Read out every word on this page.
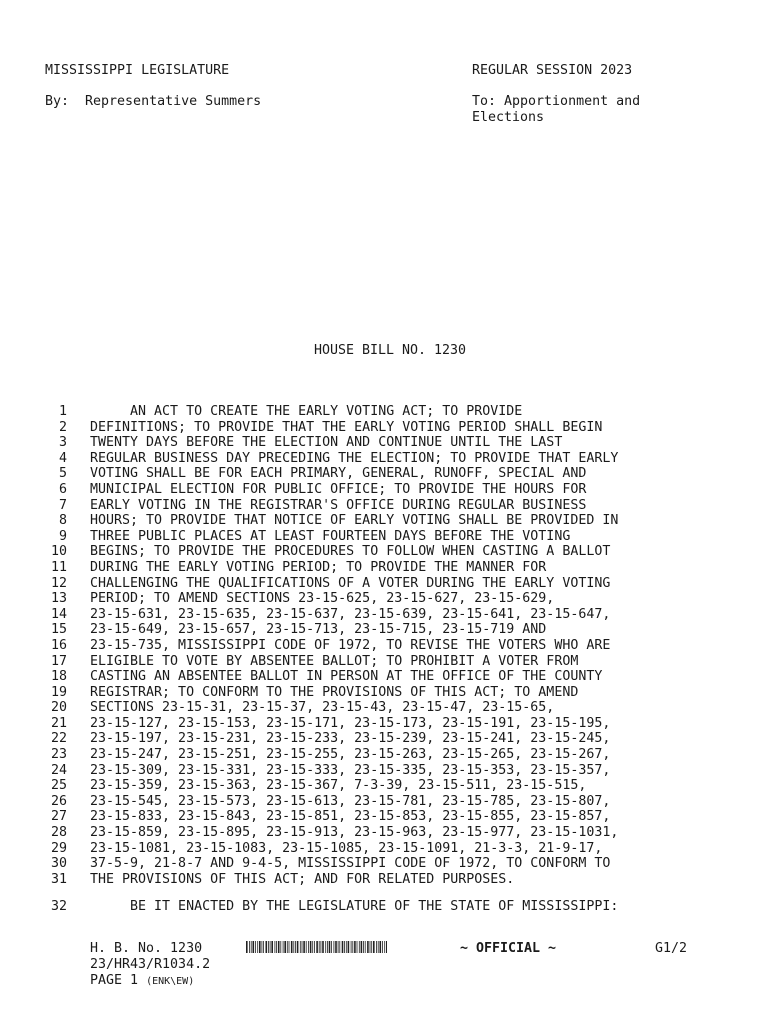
MISSISSIPPI LEGISLATURE	REGULAR SESSION 2023
By:  Representative Summers	To: Apportionment and Elections
HOUSE BILL NO. 1230
1	AN ACT TO CREATE THE EARLY VOTING ACT; TO PROVIDE
2	DEFINITIONS; TO PROVIDE THAT THE EARLY VOTING PERIOD SHALL BEGIN
3	TWENTY DAYS BEFORE THE ELECTION AND CONTINUE UNTIL THE LAST
4	REGULAR BUSINESS DAY PRECEDING THE ELECTION; TO PROVIDE THAT EARLY
5	VOTING SHALL BE FOR EACH PRIMARY, GENERAL, RUNOFF, SPECIAL AND
6	MUNICIPAL ELECTION FOR PUBLIC OFFICE; TO PROVIDE THE HOURS FOR
7	EARLY VOTING IN THE REGISTRAR'S OFFICE DURING REGULAR BUSINESS
8	HOURS; TO PROVIDE THAT NOTICE OF EARLY VOTING SHALL BE PROVIDED IN
9	THREE PUBLIC PLACES AT LEAST FOURTEEN DAYS BEFORE THE VOTING
10	BEGINS; TO PROVIDE THE PROCEDURES TO FOLLOW WHEN CASTING A BALLOT
11	DURING THE EARLY VOTING PERIOD; TO PROVIDE THE MANNER FOR
12	CHALLENGING THE QUALIFICATIONS OF A VOTER DURING THE EARLY VOTING
13	PERIOD; TO AMEND SECTIONS 23-15-625, 23-15-627, 23-15-629,
14	23-15-631, 23-15-635, 23-15-637, 23-15-639, 23-15-641, 23-15-647,
15	23-15-649, 23-15-657, 23-15-713, 23-15-715, 23-15-719 AND
16	23-15-735, MISSISSIPPI CODE OF 1972, TO REVISE THE VOTERS WHO ARE
17	ELIGIBLE TO VOTE BY ABSENTEE BALLOT; TO PROHIBIT A VOTER FROM
18	CASTING AN ABSENTEE BALLOT IN PERSON AT THE OFFICE OF THE COUNTY
19	REGISTRAR; TO CONFORM TO THE PROVISIONS OF THIS ACT; TO AMEND
20	SECTIONS 23-15-31, 23-15-37, 23-15-43, 23-15-47, 23-15-65,
21	23-15-127, 23-15-153, 23-15-171, 23-15-173, 23-15-191, 23-15-195,
22	23-15-197, 23-15-231, 23-15-233, 23-15-239, 23-15-241, 23-15-245,
23	23-15-247, 23-15-251, 23-15-255, 23-15-263, 23-15-265, 23-15-267,
24	23-15-309, 23-15-331, 23-15-333, 23-15-335, 23-15-353, 23-15-357,
25	23-15-359, 23-15-363, 23-15-367, 7-3-39, 23-15-511, 23-15-515,
26	23-15-545, 23-15-573, 23-15-613, 23-15-781, 23-15-785, 23-15-807,
27	23-15-833, 23-15-843, 23-15-851, 23-15-853, 23-15-855, 23-15-857,
28	23-15-859, 23-15-895, 23-15-913, 23-15-963, 23-15-977, 23-15-1031,
29	23-15-1081, 23-15-1083, 23-15-1085, 23-15-1091, 21-3-3, 21-9-17,
30	37-5-9, 21-8-7 AND 9-4-5, MISSISSIPPI CODE OF 1972, TO CONFORM TO
31	THE PROVISIONS OF THIS ACT; AND FOR RELATED PURPOSES.
32	BE IT ENACTED BY THE LEGISLATURE OF THE STATE OF MISSISSIPPI:
H. B. No. 1230	~ OFFICIAL ~	G1/2
23/HR43/R1034.2
PAGE 1 (ENK\EW)
